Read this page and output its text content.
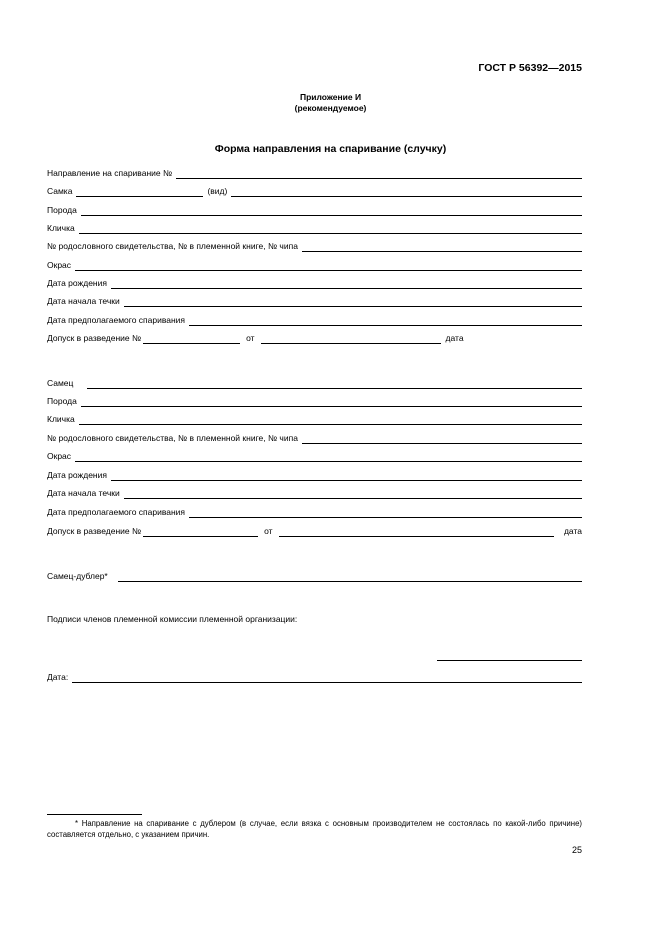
ГОСТ Р 56392—2015
Приложение И
(рекомендуемое)
Форма направления на спаривание (случку)
Направление на спаривание №
Самка	(вид)
Порода
Кличка
№ родословного свидетельства, № в племенной книге, № чипа
Окрас
Дата рождения
Дата начала течки
Дата предполагаемого спаривания
Допуск в разведение №	от	дата
Самец
Порода
Кличка
№ родословного свидетельства, № в племенной книге, № чипа
Окрас
Дата рождения
Дата начала течки
Дата предполагаемого спаривания
Допуск в разведение №	от	дата
Самец-дублер*
Подписи членов племенной комиссии племенной организации:
Дата:
* Направление на спаривание с дублером (в случае, если вязка с основным производителем не состоялась по какой-либо причине) составляется отдельно, с указанием причин.
25
